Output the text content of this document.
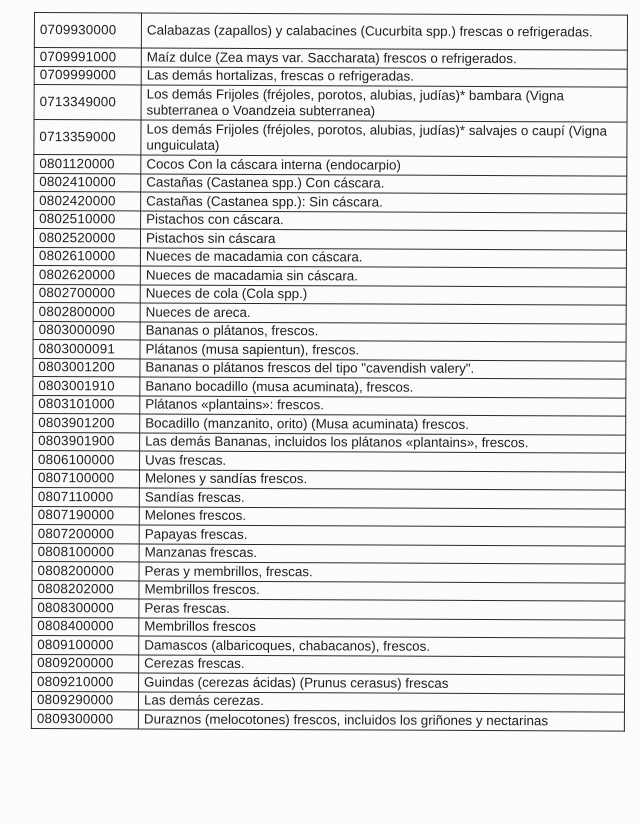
0709930000	Calabazas (zapallos) y calabacines (Cucurbita spp.) frescas o refrigeradas.
0709991000	Maíz dulce (Zea mays var. Saccharata) frescos o refrigerados.
0709999000	Las demás hortalizas, frescas o refrigeradas.
0713349000	Los demás Frijoles (fréjoles, porotos, alubias, judías)* bambara (Vigna subterranea o Voandzeia subterranea)
0713359000	Los demás Frijoles (fréjoles, porotos, alubias, judías)* salvajes o caupí (Vigna unguiculata)
0801120000	Cocos Con la cáscara interna (endocarpio)
0802410000	Castañas (Castanea spp.) Con cáscara.
0802420000	Castañas (Castanea spp.): Sin cáscara.
0802510000	Pistachos con cáscara.
0802520000	Pistachos sin cáscara
0802610000	Nueces de macadamia con cáscara.
0802620000	Nueces de macadamia sin cáscara.
0802700000	Nueces de cola (Cola spp.)
0802800000	Nueces de areca.
0803000090	Bananas o plátanos, frescos.
0803000091	Plátanos (musa sapientun), frescos.
0803001200	Bananas o plátanos frescos del tipo "cavendish valery".
0803001910	Banano bocadillo (musa acuminata), frescos.
0803101000	Plátanos «plantains»: frescos.
0803901200	Bocadillo (manzanito, orito) (Musa acuminata) frescos.
0803901900	Las demás Bananas, incluidos los plátanos «plantains», frescos.
0806100000	Uvas frescas.
0807100000	Melones y sandías frescos.
0807110000	Sandías frescas.
0807190000	Melones frescos.
0807200000	Papayas frescas.
0808100000	Manzanas frescas.
0808200000	Peras y membrillos, frescas.
0808202000	Membrillos frescos.
0808300000	Peras frescas.
0808400000	Membrillos frescos
0809100000	Damascos (albaricoques, chabacanos), frescos.
0809200000	Cerezas frescas.
0809210000	Guindas (cerezas ácidas) (Prunus cerasus) frescas
0809290000	Las demás cerezas.
0809300000	Duraznos (melocotones) frescos, incluidos los griñones y nectarinas
